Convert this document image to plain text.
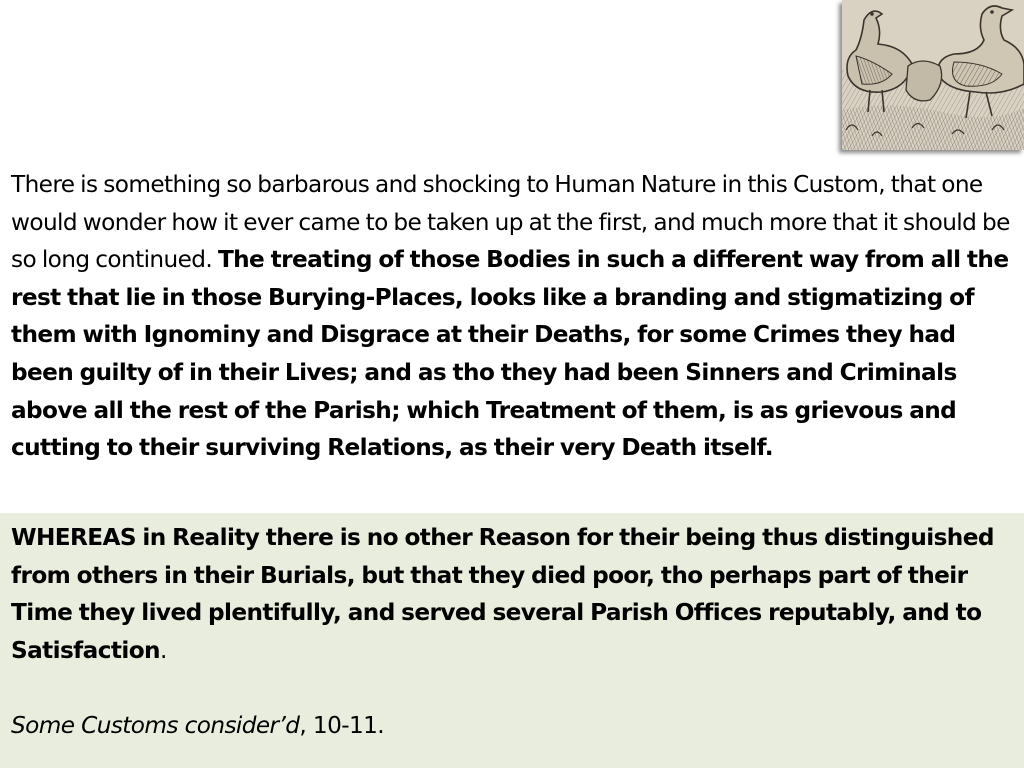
There is something so barbarous and shocking to Human Nature in this Custom, that one would wonder how it ever came to be taken up at the first, and much more that it should be so long continued. The treating of those Bodies in such a different way from all the rest that lie in those Burying-Places, looks like a branding and stigmatizing of them with Ignominy and Disgrace at their Deaths, for some Crimes they had been guilty of in their Lives; and as tho they had been Sinners and Criminals above all the rest of the Parish; which Treatment of them, is as grievous and cutting to their surviving Relations, as their very Death itself.

WHEREAS in Reality there is no other Reason for their being thus distinguished from others in their Burials, but that they died poor, tho perhaps part of their Time they lived plentifully, and served several Parish Offices reputably, and to Satisfaction.

Some Customs consider’d, 10-11.
